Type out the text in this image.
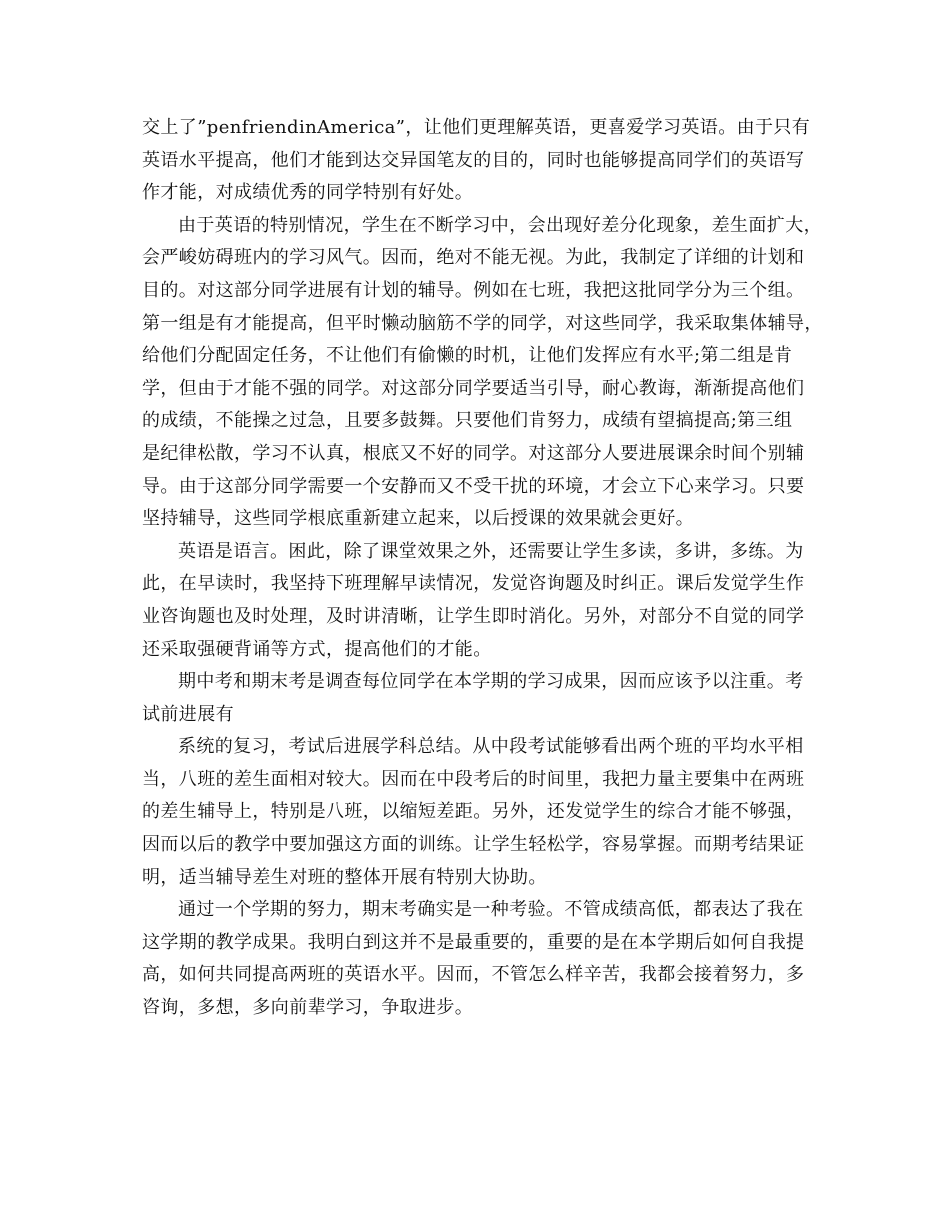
交上了”penfriendinAmerica”，让他们更理解英语，更喜爱学习英语。由于只有
英语水平提高，他们才能到达交异国笔友的目的，同时也能够提高同学们的英语写
作才能，对成绩优秀的同学特别有好处。
由于英语的特别情况，学生在不断学习中，会出现好差分化现象，差生面扩大，
会严峻妨碍班内的学习风气。因而，绝对不能无视。为此，我制定了详细的计划和
目的。对这部分同学进展有计划的辅导。例如在七班，我把这批同学分为三个组。
第一组是有才能提高，但平时懒动脑筋不学的同学，对这些同学，我采取集体辅导，
给他们分配固定任务，不让他们有偷懒的时机，让他们发挥应有水平;第二组是肯
学，但由于才能不强的同学。对这部分同学要适当引导，耐心教诲，渐渐提高他们
的成绩，不能操之过急，且要多鼓舞。只要他们肯努力，成绩有望搞提高;第三组
是纪律松散，学习不认真，根底又不好的同学。对这部分人要进展课余时间个别辅
导。由于这部分同学需要一个安静而又不受干扰的环境，才会立下心来学习。只要
坚持辅导，这些同学根底重新建立起来，以后授课的效果就会更好。
英语是语言。困此，除了课堂效果之外，还需要让学生多读，多讲，多练。为
此，在早读时，我坚持下班理解早读情况，发觉咨询题及时纠正。课后发觉学生作
业咨询题也及时处理，及时讲清晰，让学生即时消化。另外，对部分不自觉的同学
还采取强硬背诵等方式，提高他们的才能。
期中考和期末考是调查每位同学在本学期的学习成果，因而应该予以注重。考
试前进展有
系统的复习，考试后进展学科总结。从中段考试能够看出两个班的平均水平相
当，八班的差生面相对较大。因而在中段考后的时间里，我把力量主要集中在两班
的差生辅导上，特别是八班，以缩短差距。另外，还发觉学生的综合才能不够强，
因而以后的教学中要加强这方面的训练。让学生轻松学，容易掌握。而期考结果证
明，适当辅导差生对班的整体开展有特别大协助。
通过一个学期的努力，期末考确实是一种考验。不管成绩高低，都表达了我在
这学期的教学成果。我明白到这并不是最重要的，重要的是在本学期后如何自我提
高，如何共同提高两班的英语水平。因而，不管怎么样辛苦，我都会接着努力，多
咨询，多想，多向前辈学习，争取进步。
